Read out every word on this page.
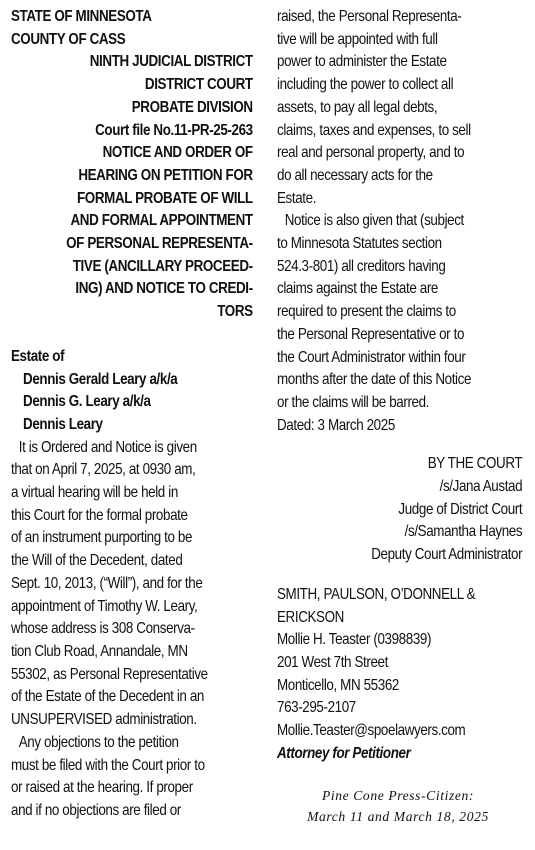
STATE OF MINNESOTA
COUNTY OF CASS
NINTH JUDICIAL DISTRICT
DISTRICT COURT
PROBATE DIVISION
Court file No.11-PR-25-263
NOTICE AND ORDER OF
HEARING ON PETITION FOR
FORMAL PROBATE OF WILL
AND FORMAL APPOINTMENT
OF PERSONAL REPRESENTA-
TIVE (ANCILLARY PROCEED-
ING) AND NOTICE TO CREDI-
TORS
Estate of
Dennis Gerald Leary a/k/a
Dennis G. Leary a/k/a
Dennis Leary
It is Ordered and Notice is given
that on April 7, 2025, at 0930 am,
a virtual hearing will be held in
this Court for the formal probate
of an instrument purporting to be
the Will of the Decedent, dated
Sept. 10, 2013, (“Will”), and for the
appointment of Timothy W. Leary,
whose address is 308 Conserva-
tion Club Road, Annandale, MN
55302, as Personal Representative
of the Estate of the Decedent in an
UNSUPERVISED administration.
Any objections to the petition
must be filed with the Court prior to
or raised at the hearing. If proper
and if no objections are filed or
raised, the Personal Representa-
tive will be appointed with full
power to administer the Estate
including the power to collect all
assets, to pay all legal debts,
claims, taxes and expenses, to sell
real and personal property, and to
do all necessary acts for the
Estate.
Notice is also given that (subject
to Minnesota Statutes section
524.3-801) all creditors having
claims against the Estate are
required to present the claims to
the Personal Representative or to
the Court Administrator within four
months after the date of this Notice
or the claims will be barred.
Dated: 3 March 2025
BY THE COURT
/s/Jana Austad
Judge of District Court
/s/Samantha Haynes
Deputy Court Administrator
SMITH, PAULSON, O’DONNELL &
ERICKSON
Mollie H. Teaster (0398839)
201 West 7th Street
Monticello, MN 55362
763-295-2107
Mollie.Teaster@spoelawyers.com
Attorney for Petitioner
Pine Cone Press-Citizen:
March 11 and March 18, 2025
